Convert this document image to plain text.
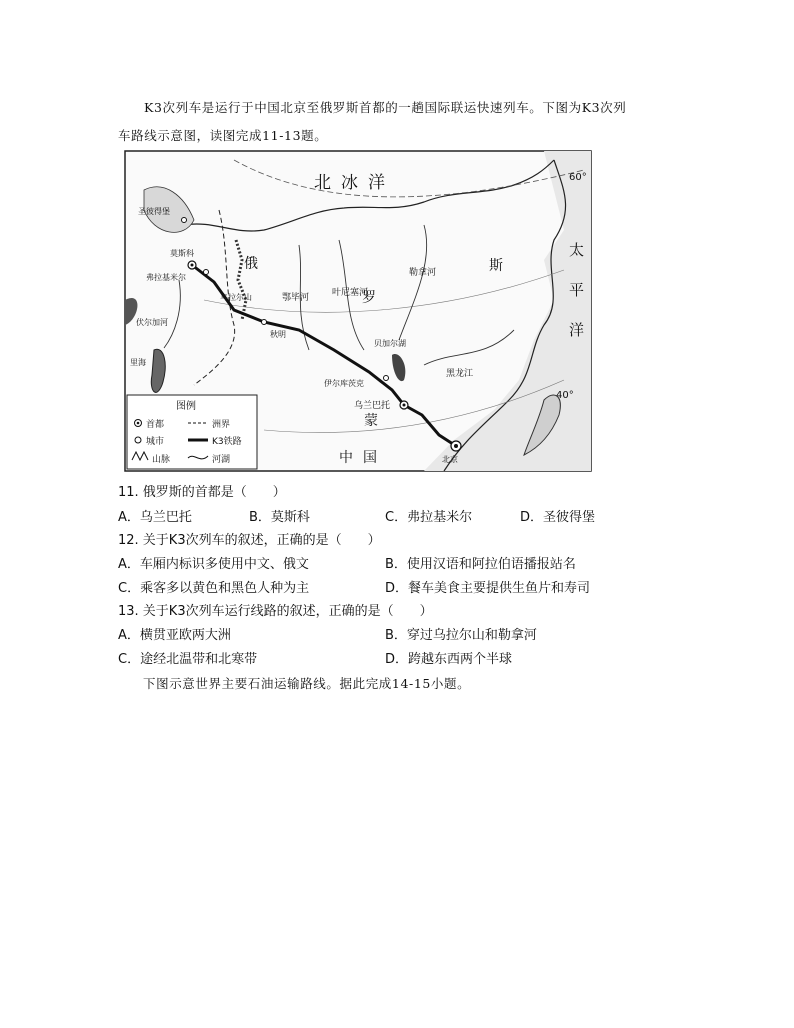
K3次列车是运行于中国北京至俄罗斯首都的一趟国际联运快速列车。下图为K3次列
车路线示意图，读图完成11-13题。
北冰洋
太
平
洋
俄
罗
斯
蒙
中国
莫斯科
弗拉基米尔
圣彼得堡
伊尔库茨克
乌兰巴托
北京
秋明
鄂毕河	叶尼塞河
勒拿河
黑龙江
贝加尔湖
伏尔加河
里海
乌拉尔山
60°
40°
图例
首都	洲界
城市	K3铁路
山脉	河湖
11. 俄罗斯的首都是（　　）
A．乌兰巴托	B．莫斯科	C．弗拉基米尔	D．圣彼得堡
12. 关于K3次列车的叙述，正确的是（　　）
A．车厢内标识多使用中文、俄文	B．使用汉语和阿拉伯语播报站名
C．乘客多以黄色和黑色人种为主	D．餐车美食主要提供生鱼片和寿司
13. 关于K3次列车运行线路的叙述，正确的是（　　）
A．横贯亚欧两大洲	B．穿过乌拉尔山和勒拿河
C．途经北温带和北寒带	D．跨越东西两个半球
下图示意世界主要石油运输路线。据此完成14-15小题。
